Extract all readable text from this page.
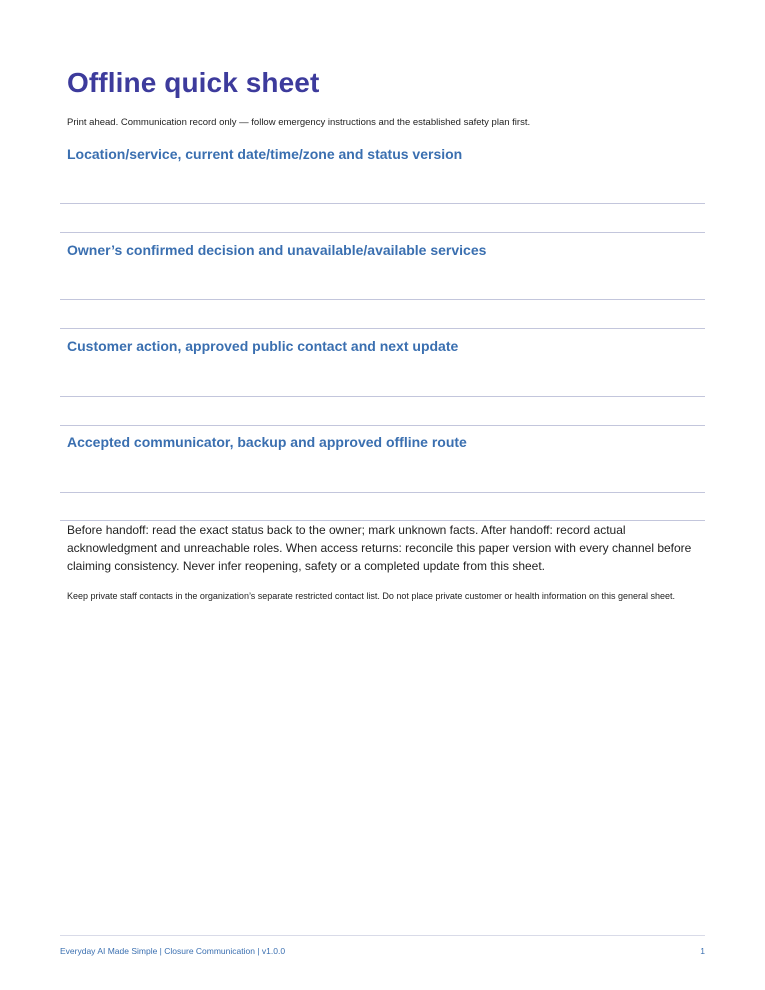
Offline quick sheet

Print ahead. Communication record only — follow emergency instructions and the established safety plan first.

Location/service, current date/time/zone and status version
Owner’s confirmed decision and unavailable/available services
Customer action, approved public contact and next update
Accepted communicator, backup and approved offline route

Before handoff: read the exact status back to the owner; mark unknown facts. After handoff: record actual acknowledgment and unreachable roles. When access returns: reconcile this paper version with every channel before claiming consistency. Never infer reopening, safety or a completed update from this sheet.

Keep private staff contacts in the organization’s separate restricted contact list. Do not place private customer or health information on this general sheet.

Everyday AI Made Simple | Closure Communication | v1.0.0	1
